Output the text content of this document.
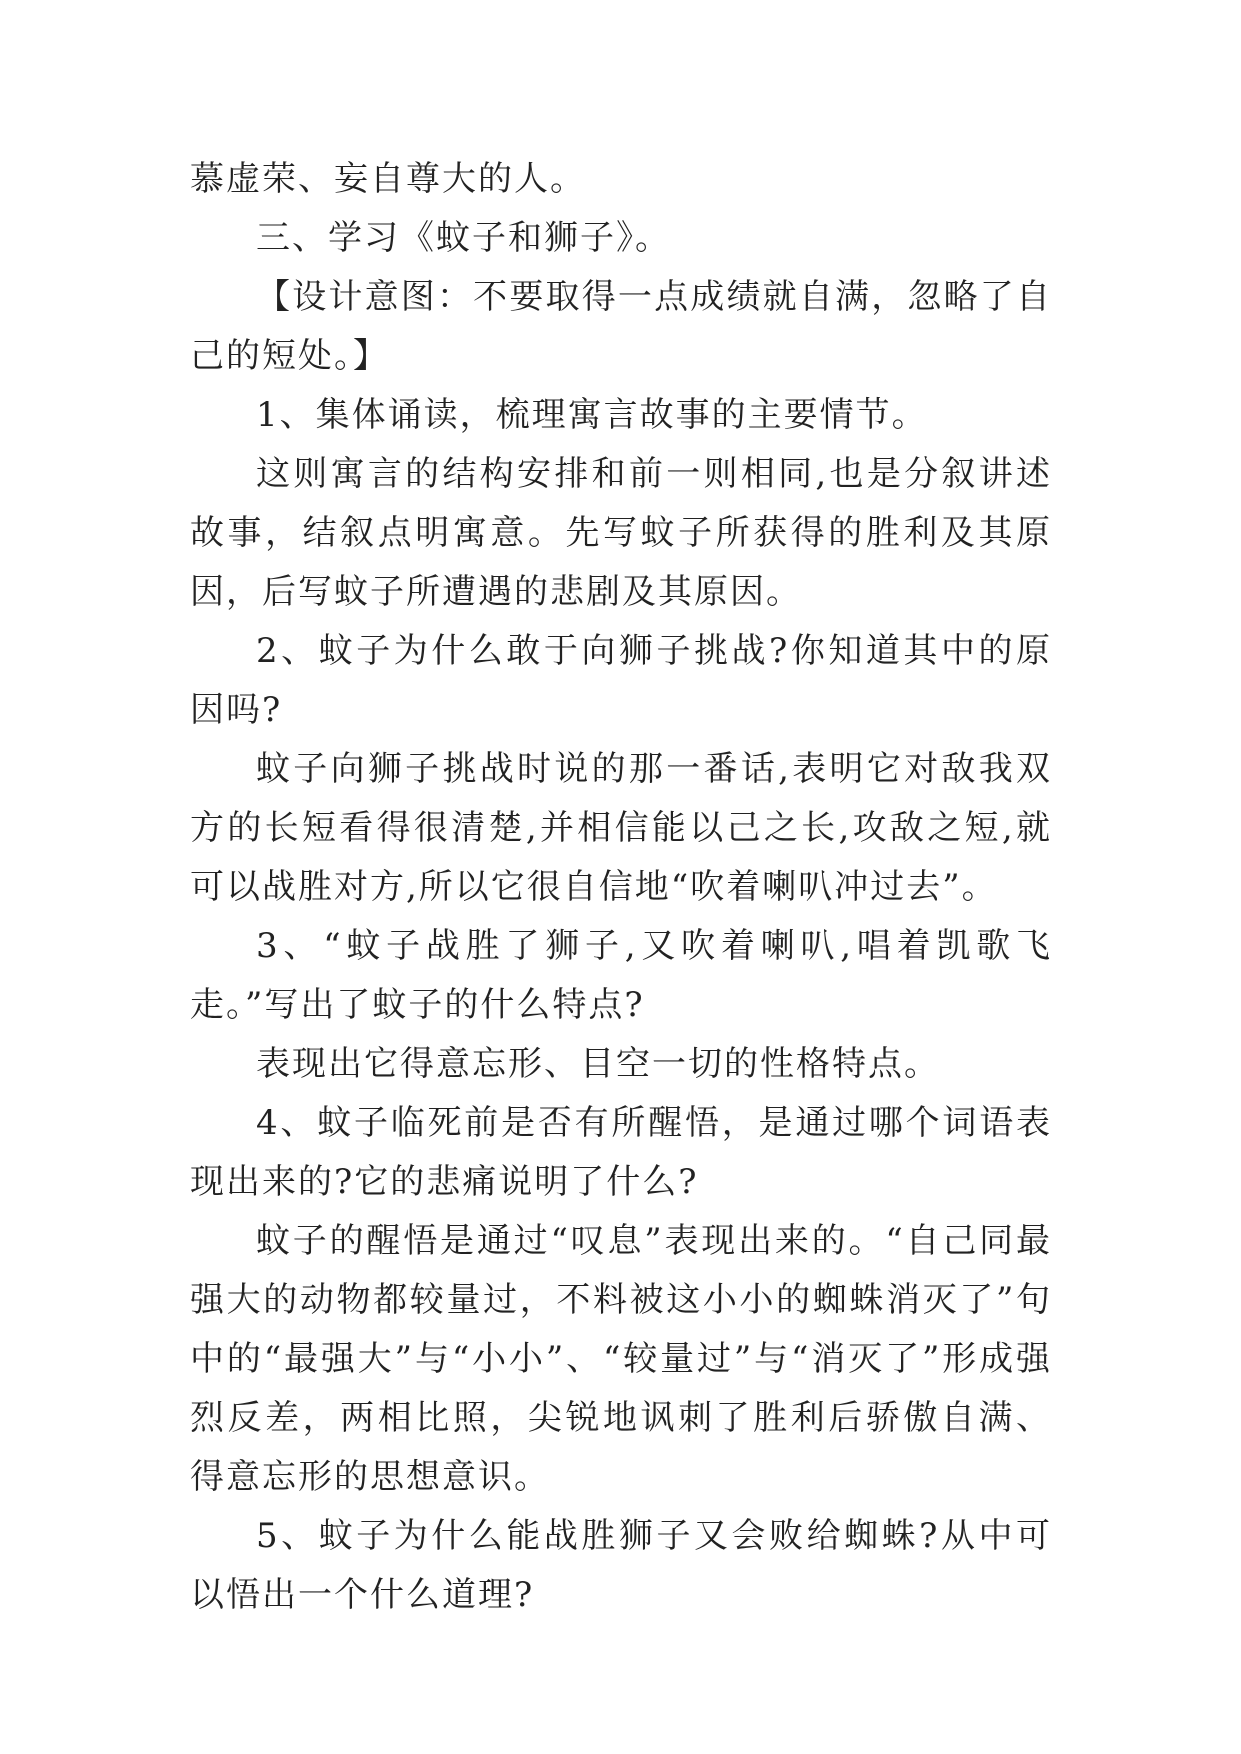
慕虚荣、妄自尊大的人。

三、学习《蚊子和狮子》。

【设计意图：不要取得一点成绩就自满，忽略了自己的短处。】

1、集体诵读，梳理寓言故事的主要情节。

这则寓言的结构安排和前一则相同,也是分叙讲述故事，结叙点明寓意。先写蚊子所获得的胜利及其原因，后写蚊子所遭遇的悲剧及其原因。

2、蚊子为什么敢于向狮子挑战?你知道其中的原因吗?

蚊子向狮子挑战时说的那一番话,表明它对敌我双方的长短看得很清楚,并相信能以己之长,攻敌之短,就可以战胜对方,所以它很自信地“吹着喇叭冲过去”。

3、“蚊子战胜了狮子,又吹着喇叭,唱着凯歌飞走。”写出了蚊子的什么特点?

表现出它得意忘形、目空一切的性格特点。

4、蚊子临死前是否有所醒悟，是通过哪个词语表现出来的?它的悲痛说明了什么?

蚊子的醒悟是通过“叹息”表现出来的。“自己同最强大的动物都较量过，不料被这小小的蜘蛛消灭了”句中的“最强大”与“小小”、“较量过”与“消灭了”形成强烈反差，两相比照，尖锐地讽刺了胜利后骄傲自满、得意忘形的思想意识。

5、蚊子为什么能战胜狮子又会败给蜘蛛?从中可以悟出一个什么道理?
